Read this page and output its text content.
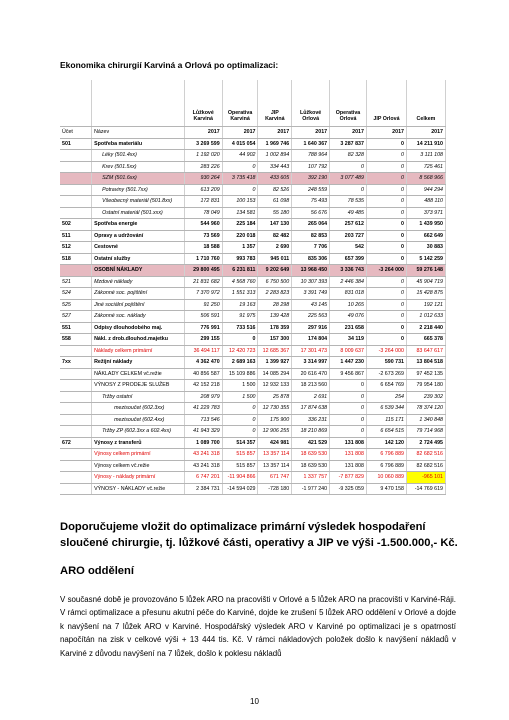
Ekonomika chirurgií Karviná a Orlová po optimalizaci:
		Lůžkové Karviná	Operativa Karviná	JIP Karviná	Lůžkové Orlová	Operativa Orlová	JIP Orlová	Celkem
Účet	Název	2017	2017	2017	2017	2017	2017	2017
501	Spotřeba materiálu	3 269 599	4 015 054	1 969 746	1 640 367	3 287 837	0	14 211 910
	Léky (501.4xx)	1 192 020	44 902	1 002 894	788 964	82 328	0	3 111 108
	Krev (501.5xx)	283 226	0	334 443	107 792	0	0	725 461
	SZM (501.6xx)	930 264	3 735 418	433 605	392 190	3 077 489	0	8 568 966
	Potraviny (501.7xx)	613 209	0	82 526	248 559	0	0	944 294
	Všeobecný materiál (501.8xx)	172 831	100 153	61 098	75 493	78 535	0	488 110
	Ostatní materiál (501.xxx)	78 049	134 581	55 180	56 676	49 485	0	373 971
502	Spotřeba energie	544 960	225 184	147 130	265 064	257 612	0	1 439 950
511	Opravy a udržování	73 569	220 018	82 482	82 853	203 727	0	662 649
512	Cestovné	18 588	1 357	2 690	7 706	542	0	30 883
518	Ostatní služby	1 710 760	993 783	945 011	835 306	657 399	0	5 142 259
	OSOBNÍ NÁKLADY	29 800 495	6 231 811	9 202 649	13 968 450	3 336 743	-3 264 000	59 276 148
521	Mzdové náklady	21 831 682	4 568 760	6 750 500	10 307 393	2 446 384	0	45 904 719
524	Zákonné soc. pojištění	7 370 972	1 551 313	2 283 823	3 391 749	831 018	0	15 428 875
525	Jiné sociální pojištění	91 250	19 163	28 298	43 145	10 265	0	192 121
527	Zákonné soc. náklady	506 591	91 975	139 428	225 563	49 076	0	1 012 633
551	Odpisy dlouhodobého maj.	776 991	733 516	178 359	297 916	231 658	0	2 218 440
558	Nákl. z drob.dlouhod.majetku	299 155	0	157 300	174 804	34 119	0	665 378
	Náklady celkem primární	36 494 117	12 420 723	12 685 367	17 301 473	8 009 637	-3 264 000	83 647 617
7xx	Režijní náklady	4 362 470	2 689 163	1 399 927	3 314 997	1 447 230	590 731	13 804 518
	NÁKLADY CELKEM vč.režie	40 856 587	15 109 886	14 085 294	20 616 470	9 456 867	-2 673 269	97 452 135
	VÝNOSY Z PRODEJE SLUŽEB	42 152 218	1 500	12 932 133	18 213 560	0	6 654 769	79 954 180
	Tržby ostatní	208 979	1 500	25 878	2 691	0	254	239 302
	mezisoučet (602.3xx)	41 229 783	0	12 730 355	17 874 638	0	6 539 344	78 374 120
	mezisoučet (602.4xx)	713 546	0	175 900	336 231	0	115 171	1 340 848
	Tržby ZP (602.3xx a 602.4xx)	41 943 329	0	12 906 255	18 210 869	0	6 654 515	79 714 968
672	Výnosy z transferů	1 089 700	514 357	424 981	421 529	131 808	142 120	2 724 495
	Výnosy celkem primární	43 241 318	515 857	13 357 114	18 639 530	131 808	6 796 889	82 682 516
	Výnosy celkem vč.režie	43 241 318	515 857	13 357 114	18 639 530	131 808	6 796 889	82 682 516
	Výnosy - náklady primární	6 747 201	-11 904 866	671 747	1 337 757	-7 877 829	10 060 889	-965 101
	VÝNOSY - NÁKLADY vč.režie	2 384 731	-14 594 029	-728 180	-1 977 240	-9 325 059	9 470 158	-14 769 619
Doporučujeme vložit do optimalizace primární výsledek hospodaření sloučené chirurgie, tj. lůžkové části, operativy a JIP ve výši -1.500.000,- Kč.
ARO oddělení
V současné době je provozováno 5 lůžek ARO na pracovišti v Orlové a 5 lůžek ARO na pracovišti v Karviné-Ráji. V rámci optimalizace a přesunu akutní péče do Karviné, dojde ke zrušení 5 lůžek ARO oddělení v Orlové a dojde k navýšení na 7 lůžek ARO v Karviné. Hospodářský výsledek ARO v Karviné po optimalizaci je s opatrností napočítán na zisk v celkové výši + 13 444 tis. Kč. V rámci nákladových položek došlo k navýšení nákladů v Karviné z důvodu navýšení na 7 lůžek, došlo k poklesu nákladů
10
